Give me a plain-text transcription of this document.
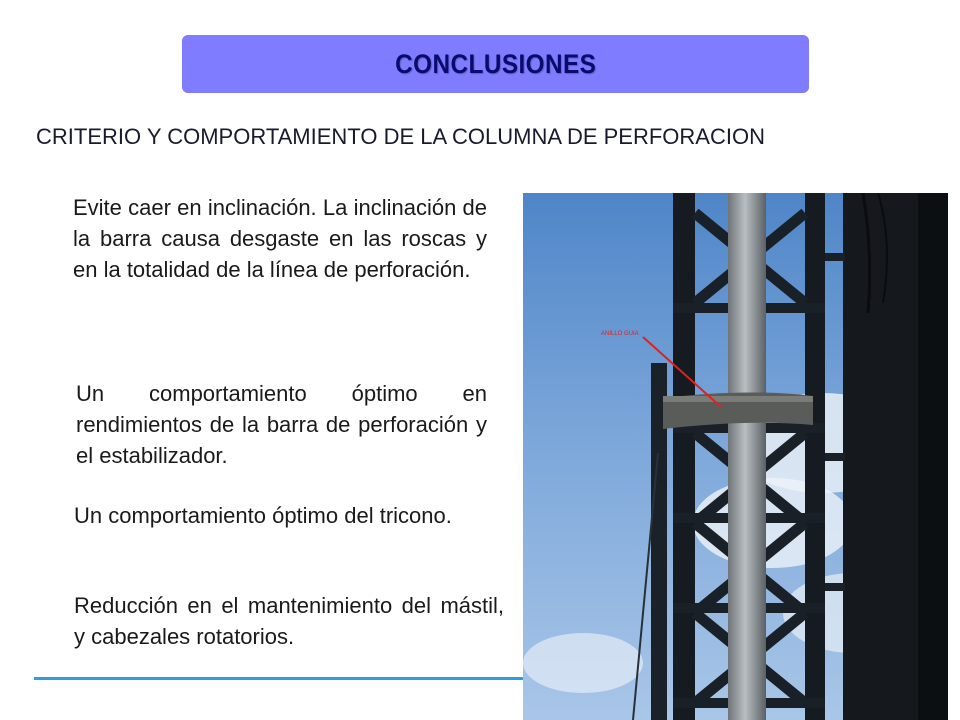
CONCLUSIONES
CRITERIO Y COMPORTAMIENTO DE LA COLUMNA DE PERFORACION
Evite caer en inclinación. La inclinación de la barra causa desgaste en las roscas y en la totalidad de la línea de perforación.
Un comportamiento óptimo en rendimientos de la barra de perforación y el estabilizador.
Un comportamiento óptimo del tricono.
Reducción en el mantenimiento del mástil, y cabezales rotatorios.
ANILLO GUIA
